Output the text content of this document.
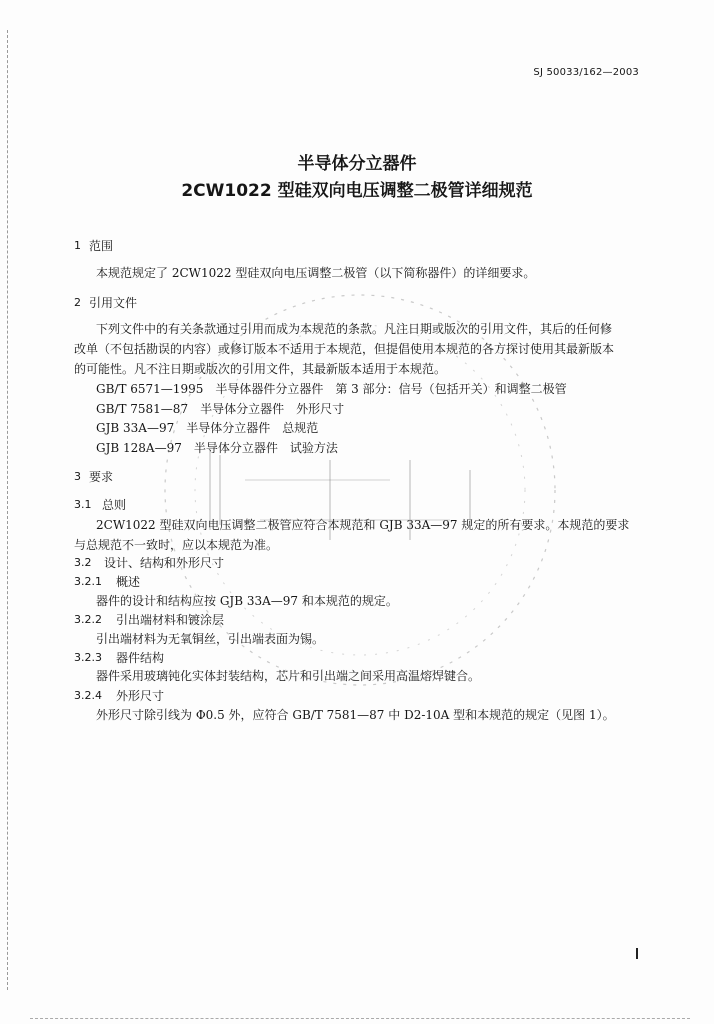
SJ 50033/162—2003
半导体分立器件
2CW1022 型硅双向电压调整二极管详细规范
1 范围
本规范规定了 2CW1022 型硅双向电压调整二极管（以下简称器件）的详细要求。
2 引用文件
下列文件中的有关条款通过引用而成为本规范的条款。凡注日期或版次的引用文件，其后的任何修
改单（不包括勘误的内容）或修订版本不适用于本规范，但提倡使用本规范的各方探讨使用其最新版本
的可能性。凡不注日期或版次的引用文件，其最新版本适用于本规范。
GB/T 6571—1995　半导体器件分立器件　第 3 部分：信号（包括开关）和调整二极管
GB/T 7581—87　半导体分立器件　外形尺寸
GJB 33A—97　半导体分立器件　总规范
GJB 128A—97　半导体分立器件　试验方法
3 要求
3.1 总则
2CW1022 型硅双向电压调整二极管应符合本规范和 GJB 33A—97 规定的所有要求。本规范的要求
与总规范不一致时，应以本规范为准。
3.2 设计、结构和外形尺寸
3.2.1 概述
器件的设计和结构应按 GJB 33A—97 和本规范的规定。
3.2.2 引出端材料和镀涂层
引出端材料为无氧铜丝，引出端表面为锡。
3.2.3 器件结构
器件采用玻璃钝化实体封装结构，芯片和引出端之间采用高温熔焊键合。
3.2.4 外形尺寸
外形尺寸除引线为 Φ0.5 外，应符合 GB/T 7581—87 中 D2-10A 型和本规范的规定（见图 1）。
